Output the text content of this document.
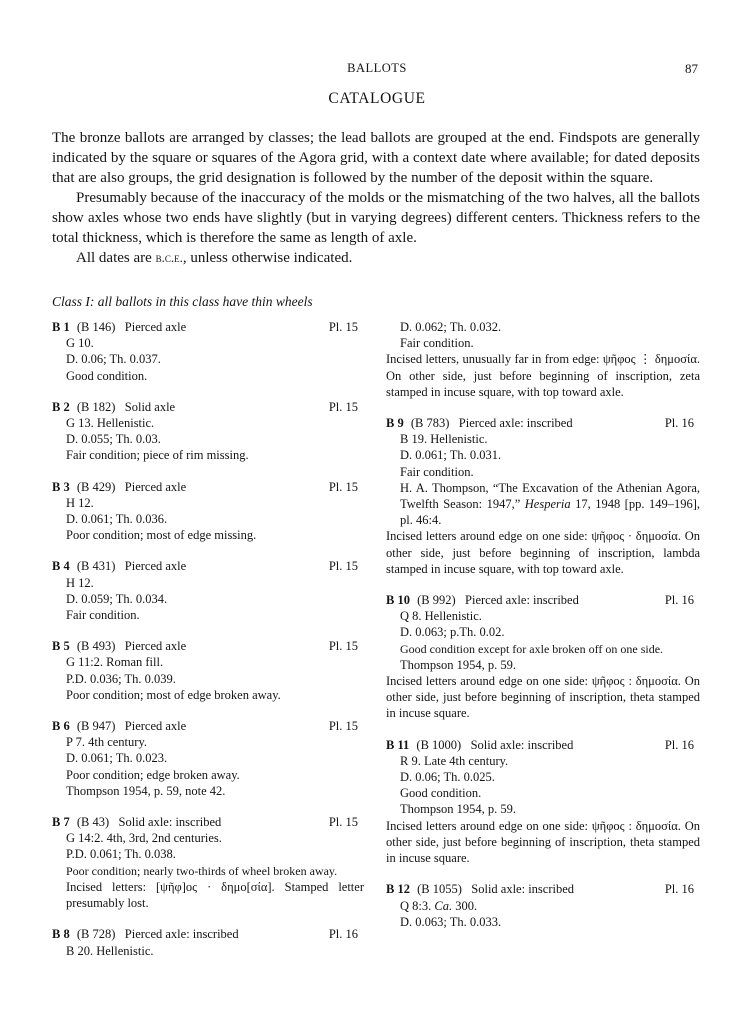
BALLOTS	87
CATALOGUE

The bronze ballots are arranged by classes; the lead ballots are grouped at the end. Findspots are generally indicated by the square or squares of the Agora grid, with a context date where available; for dated deposits that are also groups, the grid designation is followed by the number of the deposit within the square.

Presumably because of the inaccuracy of the molds or the mismatching of the two halves, all the ballots show axles whose two ends have slightly (but in varying degrees) different centers. Thickness refers to the total thickness, which is therefore the same as length of axle.

All dates are b.c.e., unless otherwise indicated.

Class I: all ballots in this class have thin wheels
B 1 (B 146) Pierced axle	Pl. 15
G 10.
D. 0.06; Th. 0.037.
Good condition.
B 2 (B 182) Solid axle	Pl. 15
G 13. Hellenistic.
D. 0.055; Th. 0.03.
Fair condition; piece of rim missing.
B 3 (B 429) Pierced axle	Pl. 15
H 12.
D. 0.061; Th. 0.036.
Poor condition; most of edge missing.
B 4 (B 431) Pierced axle	Pl. 15
H 12.
D. 0.059; Th. 0.034.
Fair condition.
B 5 (B 493) Pierced axle	Pl. 15
G 11:2. Roman fill.
P.D. 0.036; Th. 0.039.
Poor condition; most of edge broken away.
B 6 (B 947) Pierced axle	Pl. 15
P 7. 4th century.
D. 0.061; Th. 0.023.
Poor condition; edge broken away.
Thompson 1954, p. 59, note 42.
B 7 (B 43) Solid axle: inscribed	Pl. 15
G 14:2. 4th, 3rd, 2nd centuries.
P.D. 0.061; Th. 0.038.
Poor condition; nearly two-thirds of wheel broken away.
Incised letters: [ψῆφ]ος · δημο[σία]. Stamped letter presumably lost.
B 8 (B 728) Pierced axle: inscribed	Pl. 16
B 20. Hellenistic.
D. 0.062; Th. 0.032.
Fair condition.
Incised letters, unusually far in from edge: ψῆφος ⋮ δημοσία. On other side, just before beginning of inscription, zeta stamped in incuse square, with top toward axle.
B 9 (B 783) Pierced axle: inscribed	Pl. 16
B 19. Hellenistic.
D. 0.061; Th. 0.031.
Fair condition.
H. A. Thompson, “The Excavation of the Athenian Agora, Twelfth Season: 1947,” Hesperia 17, 1948 [pp. 149–196], pl. 46:4.
Incised letters around edge on one side: ψῆφος · δημοσία. On other side, just before beginning of inscription, lambda stamped in incuse square, with top toward axle.
B 10 (B 992) Pierced axle: inscribed	Pl. 16
Q 8. Hellenistic.
D. 0.063; p.Th. 0.02.
Good condition except for axle broken off on one side.
Thompson 1954, p. 59.
Incised letters around edge on one side: ψῆφος : δημοσία. On other side, just before beginning of inscription, theta stamped in incuse square.
B 11 (B 1000) Solid axle: inscribed	Pl. 16
R 9. Late 4th century.
D. 0.06; Th. 0.025.
Good condition.
Thompson 1954, p. 59.
Incised letters around edge on one side: ψῆφος : δημοσία. On other side, just before beginning of inscription, theta stamped in incuse square.
B 12 (B 1055) Solid axle: inscribed	Pl. 16
Q 8:3. Ca. 300.
D. 0.063; Th. 0.033.
